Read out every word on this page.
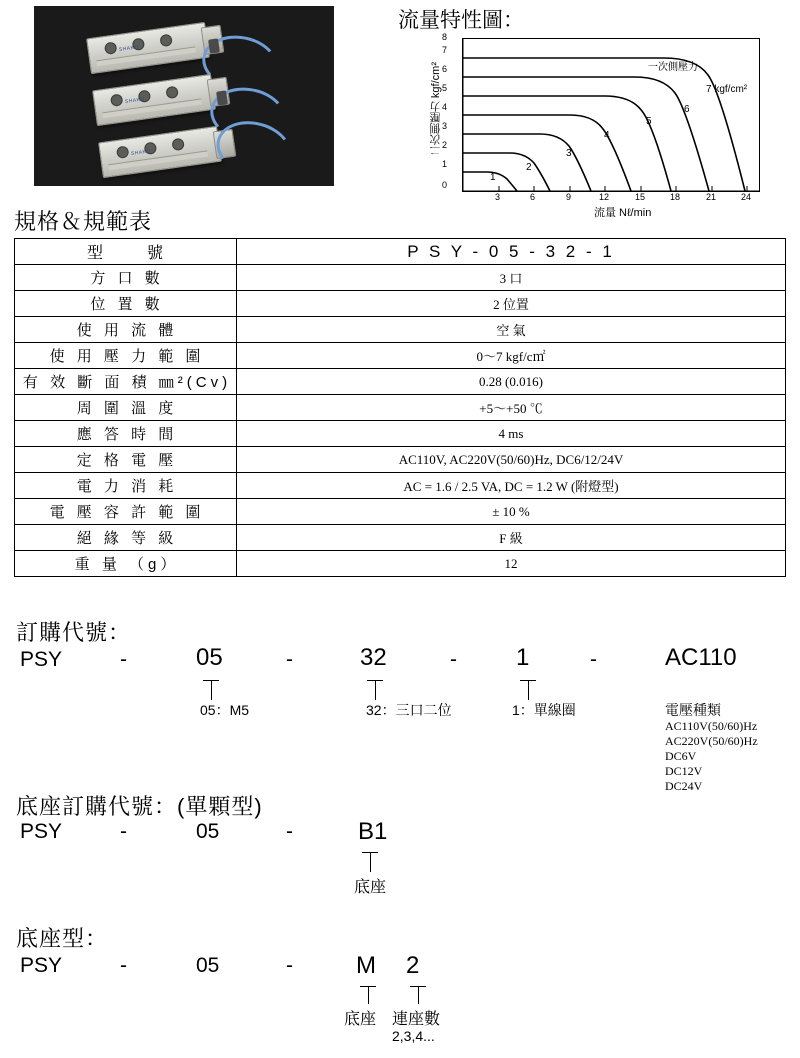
SHAKO
SHAKO
SHAKO
流量特性圖：
二次側壓力 kgf/cm²
8
7
6
5
4
3
2
1
0
3	6	9	12	15	18	21	24
流量 Nℓ/min
一次側壓力
7 kgf/cm²
1
2
3
4
5
6
規格＆規範表
型　　號	P S Y - 0 5 - 3 2 - 1
方 口 數	3 口
位 置 數	2 位置
使 用 流 體	空 氣
使 用 壓 力 範 圍	0～7 kgf/c㎡
有 效 斷 面 積 ㎜²(Cv)	0.28 (0.016)
周 圍 溫 度	+5～+50 ℃
應 答 時 間	4 ms
定 格 電 壓	AC110V, AC220V(50/60)Hz, DC6/12/24V
電 力 消 耗	AC = 1.6 / 2.5 VA, DC = 1.2 W (附燈型)
電 壓 容 許 範 圍	± 10 %
絕 緣 等 級	F 級
重 量 （g）	12
訂購代號：
PSY	-	05	-	32	- 1	-	AC110
05：M5	32：三口二位	1：單線圈	電壓種類
AC110V(50/60)Hz
AC220V(50/60)Hz
DC6V
DC12V
DC24V
底座訂購代號：(單顆型)
PSY	-	05	-	B1
底座
底座型：
PSY	-	05	-	M 2
底座 連座數
2,3,4...
